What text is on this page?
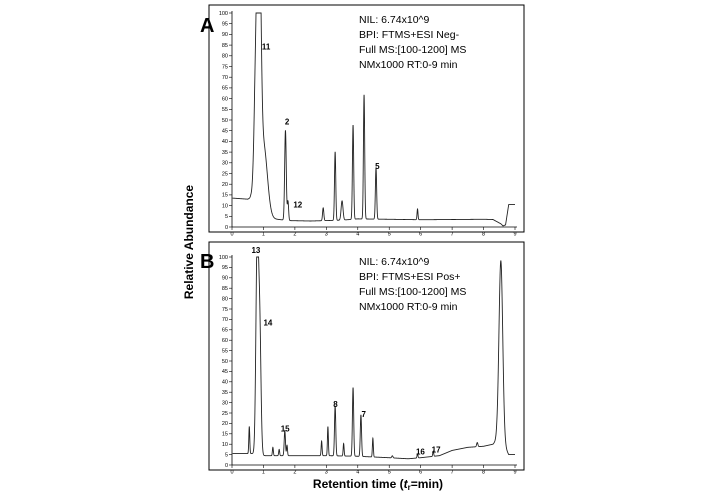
Relative Abundance
Retention time (tr=min)
A
0
5
10
15
20
25
30
35
40
45
50
55
60
65
70
75
80
85
90
95
100
0	1	2	3	4	5	6	7	8	9
11
2
12
5
NIL: 6.74x10^9
BPI: FTMS+ESI Neg-
Full MS:[100-1200] MS
NMx1000 RT:0-9 min
B
0
5
10
15
20
25
30
35
40
45
50
55
60
65
70
75
80
85
90
95
100
0	1	2	3	4	5	6	7	8	9
13
14
15
8
7
16 17
NIL: 6.74x10^9
BPI: FTMS+ESI Pos+
Full MS:[100-1200] MS
NMx1000 RT:0-9 min
